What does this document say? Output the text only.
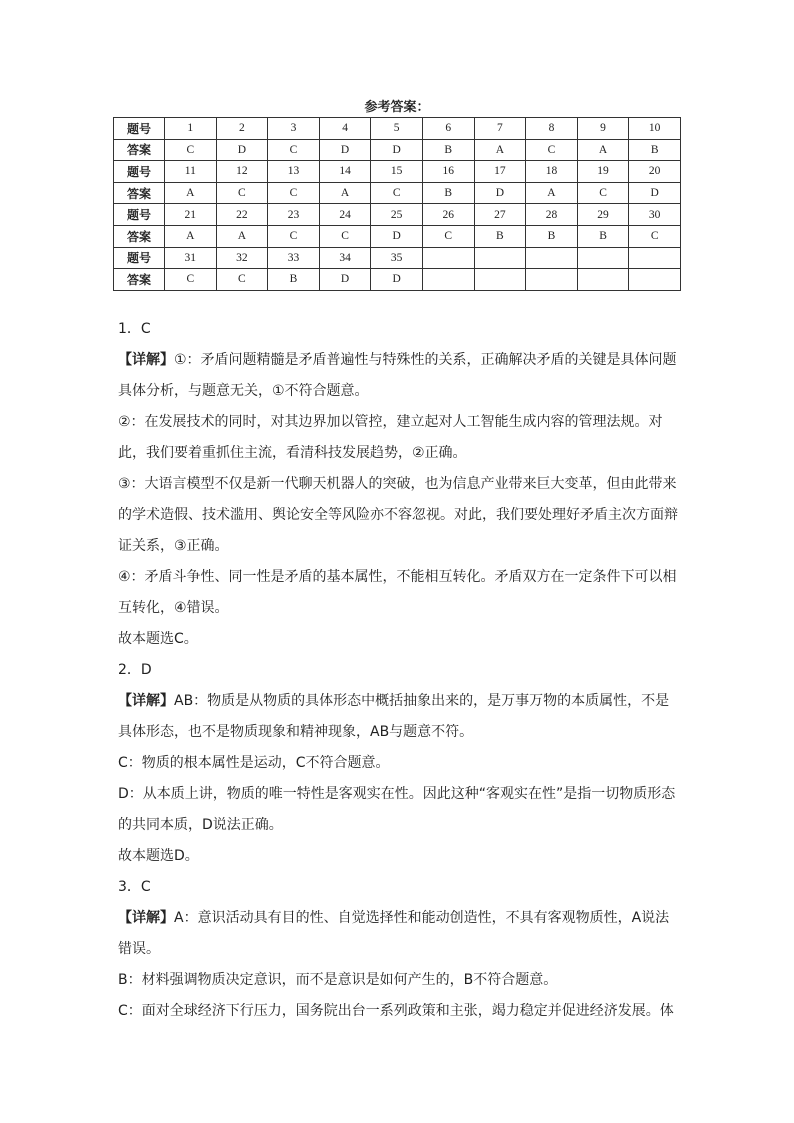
参考答案：
题号	1	2	3	4	5	6	7	8	9	10
答案	C	D	C	D	D	B	A	C	A	B
题号	11	12	13	14	15	16	17	18	19	20
答案	A	C	C	A	C	B	D	A	C	D
题号	21	22	23	24	25	26	27	28	29	30
答案	A	A	C	C	D	C	B	B	B	C
题号	31	32	33	34	35					
答案	C	C	B	D	D					

1．C

【详解】①：矛盾问题精髓是矛盾普遍性与特殊性的关系，正确解决矛盾的关键是具体问题具体分析，与题意无关，①不符合题意。

②：在发展技术的同时，对其边界加以管控，建立起对人工智能生成内容的管理法规。对此，我们要着重抓住主流，看清科技发展趋势，②正确。

③：大语言模型不仅是新一代聊天机器人的突破，也为信息产业带来巨大变革，但由此带来的学术造假、技术滥用、舆论安全等风险亦不容忽视。对此，我们要处理好矛盾主次方面辩证关系，③正确。

④：矛盾斗争性、同一性是矛盾的基本属性，不能相互转化。矛盾双方在一定条件下可以相互转化，④错误。

故本题选C。

2．D

【详解】AB：物质是从物质的具体形态中概括抽象出来的，是万事万物的本质属性，不是具体形态，也不是物质现象和精神现象，AB与题意不符。

C：物质的根本属性是运动，C不符合题意。

D：从本质上讲，物质的唯一特性是客观实在性。因此这种“客观实在性”是指一切物质形态的共同本质，D说法正确。

故本题选D。

3．C

【详解】A：意识活动具有目的性、自觉选择性和能动创造性，不具有客观物质性，A说法错误。

B：材料强调物质决定意识，而不是意识是如何产生的，B不符合题意。

C：面对全球经济下行压力，国务院出台一系列政策和主张，竭力稳定并促进经济发展。体
